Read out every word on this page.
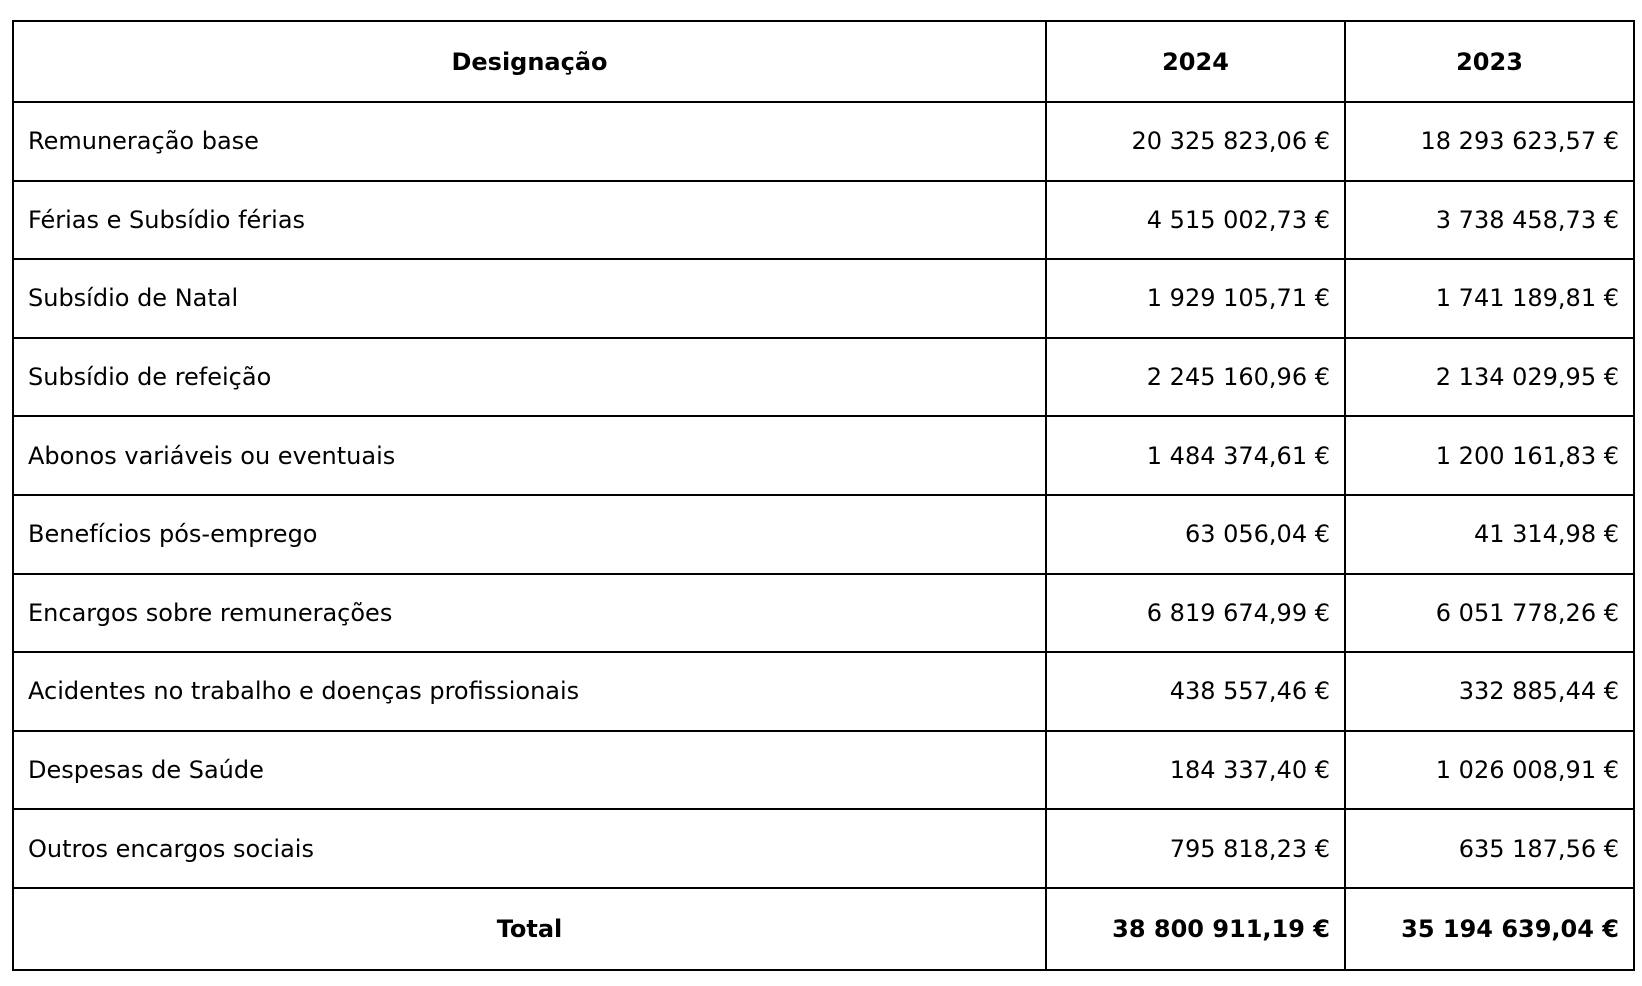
Designação	2024	2023
Remuneração base	20 325 823,06 €	18 293 623,57 €
Férias e Subsídio férias	4 515 002,73 €	3 738 458,73 €
Subsídio de Natal	1 929 105,71 €	1 741 189,81 €
Subsídio de refeição	2 245 160,96 €	2 134 029,95 €
Abonos variáveis ou eventuais	1 484 374,61 €	1 200 161,83 €
Benefícios pós-emprego	63 056,04 €	41 314,98 €
Encargos sobre remunerações	6 819 674,99 €	6 051 778,26 €
Acidentes no trabalho e doenças profissionais	438 557,46 €	332 885,44 €
Despesas de Saúde	184 337,40 €	1 026 008,91 €
Outros encargos sociais	795 818,23 €	635 187,56 €
Total	38 800 911,19 €	35 194 639,04 €
